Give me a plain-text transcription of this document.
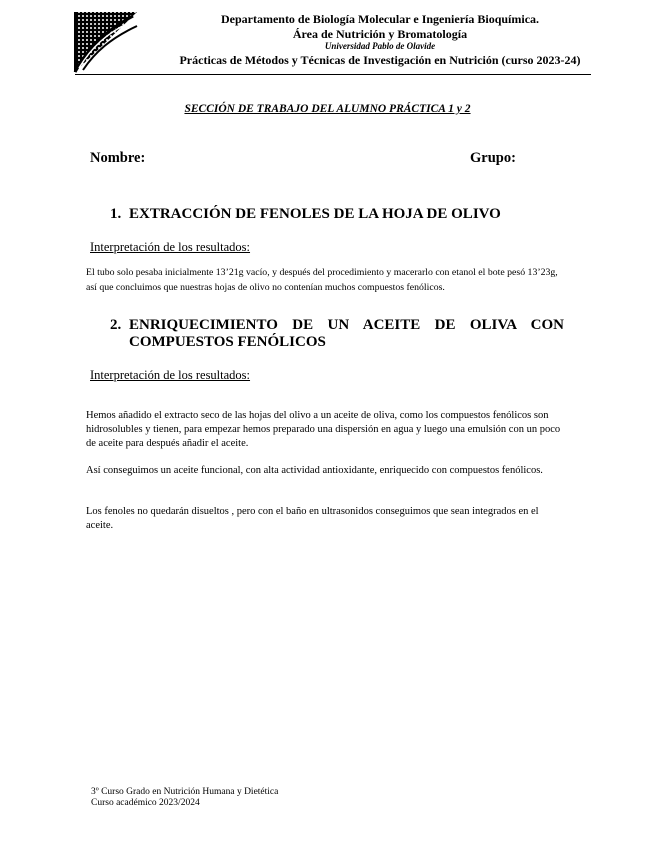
Departamento de Biología Molecular e Ingeniería Bioquímica.
Área de Nutrición y Bromatología
Universidad Pablo de Olavide
Prácticas de Métodos y Técnicas de Investigación en Nutrición (curso 2023-24)
SECCIÓN DE TRABAJO DEL ALUMNO PRÁCTICA 1 y 2
Nombre:	Grupo:
1. EXTRACCIÓN DE FENOLES DE LA HOJA DE OLIVO
Interpretación de los resultados:
El tubo solo pesaba inicialmente 13’21g vacío, y después del procedimiento y macerarlo con etanol el bote pesó 13’23g, así que concluimos que nuestras hojas de olivo no contenían muchos compuestos fenólicos.
2. ENRIQUECIMIENTO DE UN ACEITE DE OLIVA CON COMPUESTOS FENÓLICOS
Interpretación de los resultados:
Hemos añadido el extracto seco de las hojas del olivo a un aceite de oliva, como los compuestos fenólicos son hidrosolubles y tienen, para empezar hemos preparado una dispersión en agua y luego una emulsión con un poco de aceite para después añadir el aceite.
Así conseguimos un aceite funcional, con alta actividad antioxidante, enriquecido con compuestos fenólicos.
Los fenoles no quedarán disueltos , pero con el baño en ultrasonidos conseguimos que sean integrados en el aceite.
3º Curso Grado en Nutrición Humana y Dietética
Curso académico 2023/2024
